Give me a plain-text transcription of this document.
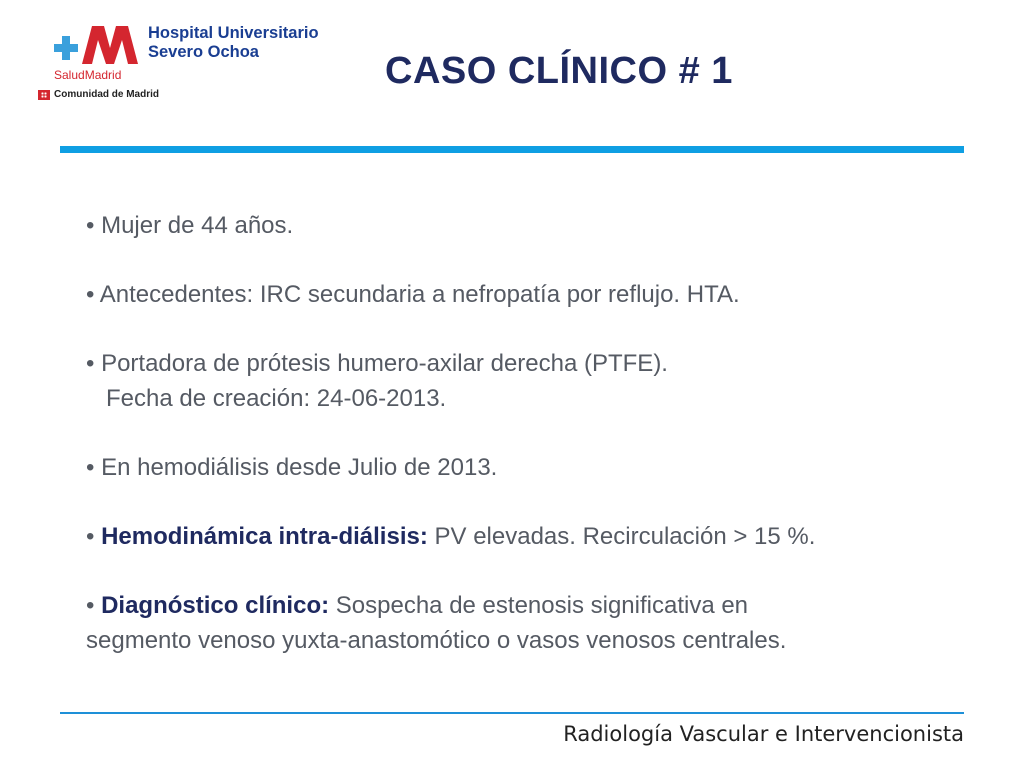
Hospital Universitario
Severo Ochoa
SaludMadrid
Comunidad de Madrid
CASO CLÍNICO # 1

• Mujer de 44 años.

• Antecedentes: IRC secundaria a nefropatía por reflujo. HTA.

• Portadora de prótesis humero-axilar derecha (PTFE).

Fecha de creación: 24-06-2013.

• En hemodiálisis desde Julio de 2013.

• Hemodinámica intra-diálisis: PV elevadas. Recirculación > 15 %.

• Diagnóstico clínico: Sospecha de estenosis significativa en

segmento venoso yuxta-anastomótico o vasos venosos centrales.

Radiología Vascular e Intervencionista
